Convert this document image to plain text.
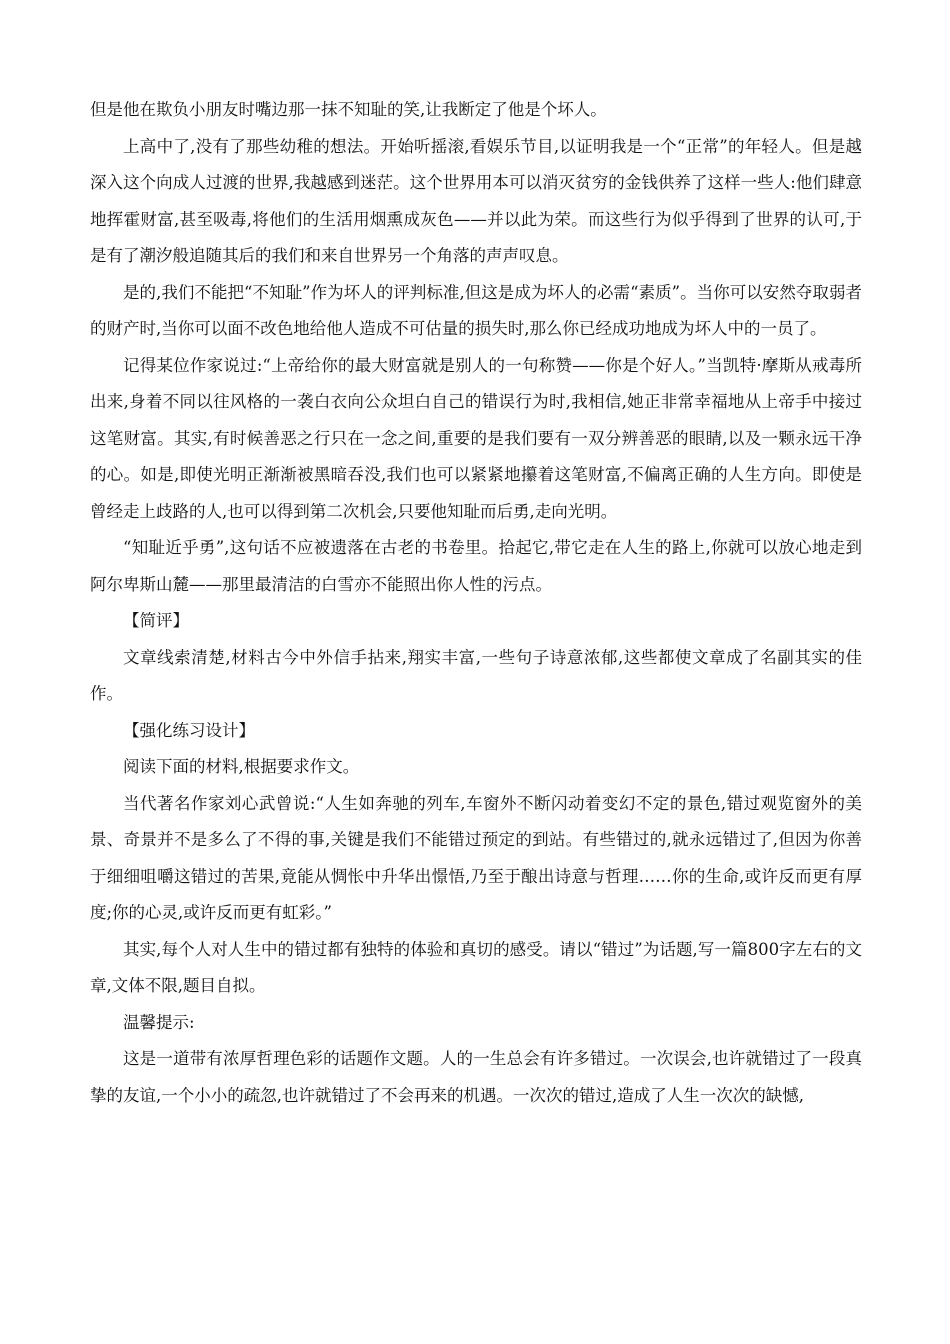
但是他在欺负小朋友时嘴边那一抹不知耻的笑,让我断定了他是个坏人。

上高中了,没有了那些幼稚的想法。开始听摇滚,看娱乐节目,以证明我是一个“正常”的年轻人。但是越深入这个向成人过渡的世界,我越感到迷茫。这个世界用本可以消灭贫穷的金钱供养了这样一些人:他们肆意地挥霍财富,甚至吸毒,将他们的生活用烟熏成灰色——并以此为荣。而这些行为似乎得到了世界的认可,于是有了潮汐般追随其后的我们和来自世界另一个角落的声声叹息。

是的,我们不能把“不知耻”作为坏人的评判标准,但这是成为坏人的必需“素质”。当你可以安然夺取弱者的财产时,当你可以面不改色地给他人造成不可估量的损失时,那么你已经成功地成为坏人中的一员了。

记得某位作家说过:“上帝给你的最大财富就是别人的一句称赞——你是个好人。”当凯特·摩斯从戒毒所出来,身着不同以往风格的一袭白衣向公众坦白自己的错误行为时,我相信,她正非常幸福地从上帝手中接过这笔财富。其实,有时候善恶之行只在一念之间,重要的是我们要有一双分辨善恶的眼睛,以及一颗永远干净的心。如是,即使光明正渐渐被黑暗吞没,我们也可以紧紧地攥着这笔财富,不偏离正确的人生方向。即使是曾经走上歧路的人,也可以得到第二次机会,只要他知耻而后勇,走向光明。

“知耻近乎勇”,这句话不应被遗落在古老的书卷里。拾起它,带它走在人生的路上,你就可以放心地走到阿尔卑斯山麓——那里最清洁的白雪亦不能照出你人性的污点。

【简评】

文章线索清楚,材料古今中外信手拈来,翔实丰富,一些句子诗意浓郁,这些都使文章成了名副其实的佳作。

【强化练习设计】

阅读下面的材料,根据要求作文。

当代著名作家刘心武曾说:“人生如奔驰的列车,车窗外不断闪动着变幻不定的景色,错过观览窗外的美景、奇景并不是多么了不得的事,关键是我们不能错过预定的到站。有些错过的,就永远错过了,但因为你善于细细咀嚼这错过的苦果,竟能从惆怅中升华出憬悟,乃至于酿出诗意与哲理……你的生命,或许反而更有厚度;你的心灵,或许反而更有虹彩。”

其实,每个人对人生中的错过都有独特的体验和真切的感受。请以“错过”为话题,写一篇800字左右的文章,文体不限,题目自拟。

温馨提示:

这是一道带有浓厚哲理色彩的话题作文题。人的一生总会有许多错过。一次误会,也许就错过了一段真挚的友谊,一个小小的疏忽,也许就错过了不会再来的机遇。一次次的错过,造成了人生一次次的缺憾,
